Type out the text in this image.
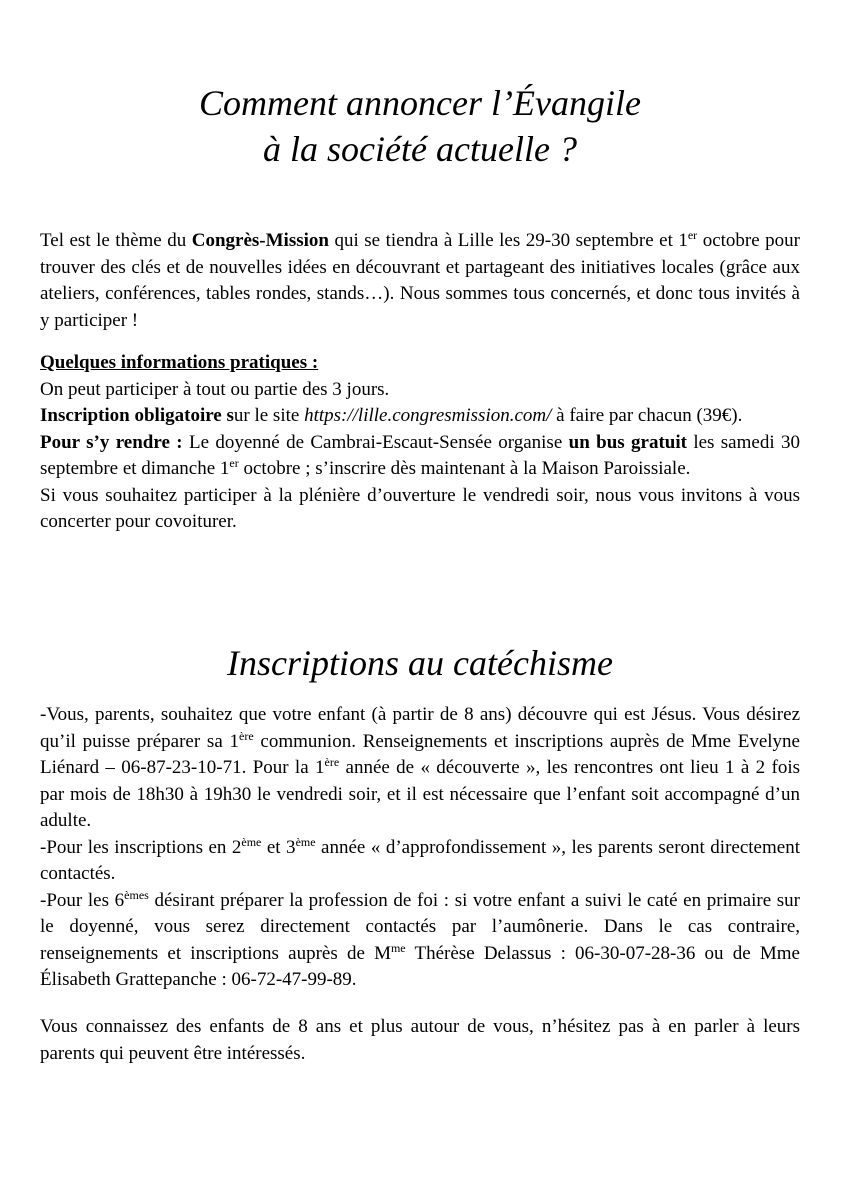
Comment annoncer l’Évangile
à la société actuelle ?

Tel est le thème du Congrès-Mission qui se tiendra à Lille les 29-30 septembre et 1er octobre pour trouver des clés et de nouvelles idées en découvrant et partageant des initiatives locales (grâce aux ateliers, conférences, tables rondes, stands…). Nous sommes tous concernés, et donc tous invités à y participer !

Quelques informations pratiques :

On peut participer à tout ou partie des 3 jours.

Inscription obligatoire sur le site https://lille.congresmission.com/ à faire par chacun (39€).

Pour s’y rendre : Le doyenné de Cambrai-Escaut-Sensée organise un bus gratuit les samedi 30 septembre et dimanche 1er octobre ; s’inscrire dès maintenant à la Maison Paroissiale.

Si vous souhaitez participer à la plénière d’ouverture le vendredi soir, nous vous invitons à vous concerter pour covoiturer.

Inscriptions au catéchisme

-Vous, parents, souhaitez que votre enfant (à partir de 8 ans) découvre qui est Jésus. Vous désirez qu’il puisse préparer sa 1ère communion. Renseignements et inscriptions auprès de Mme Evelyne Liénard – 06-87-23-10-71. Pour la 1ère année de « découverte », les rencontres ont lieu 1 à 2 fois par mois de 18h30 à 19h30 le vendredi soir, et il est nécessaire que l’enfant soit accompagné d’un adulte.

-Pour les inscriptions en 2ème et 3ème année « d’approfondissement », les parents seront directement contactés.

-Pour les 6èmes désirant préparer la profession de foi : si votre enfant a suivi le caté en primaire sur le doyenné, vous serez directement contactés par l’aumônerie. Dans le cas contraire, renseignements et inscriptions auprès de $M^{me}$ Thérèse Delassus : 06-30-07-28-36 ou de Mme Élisabeth Grattepanche : 06-72-47-99-89.

Vous connaissez des enfants de 8 ans et plus autour de vous, n’hésitez pas à en parler à leurs parents qui peuvent être intéressés.
